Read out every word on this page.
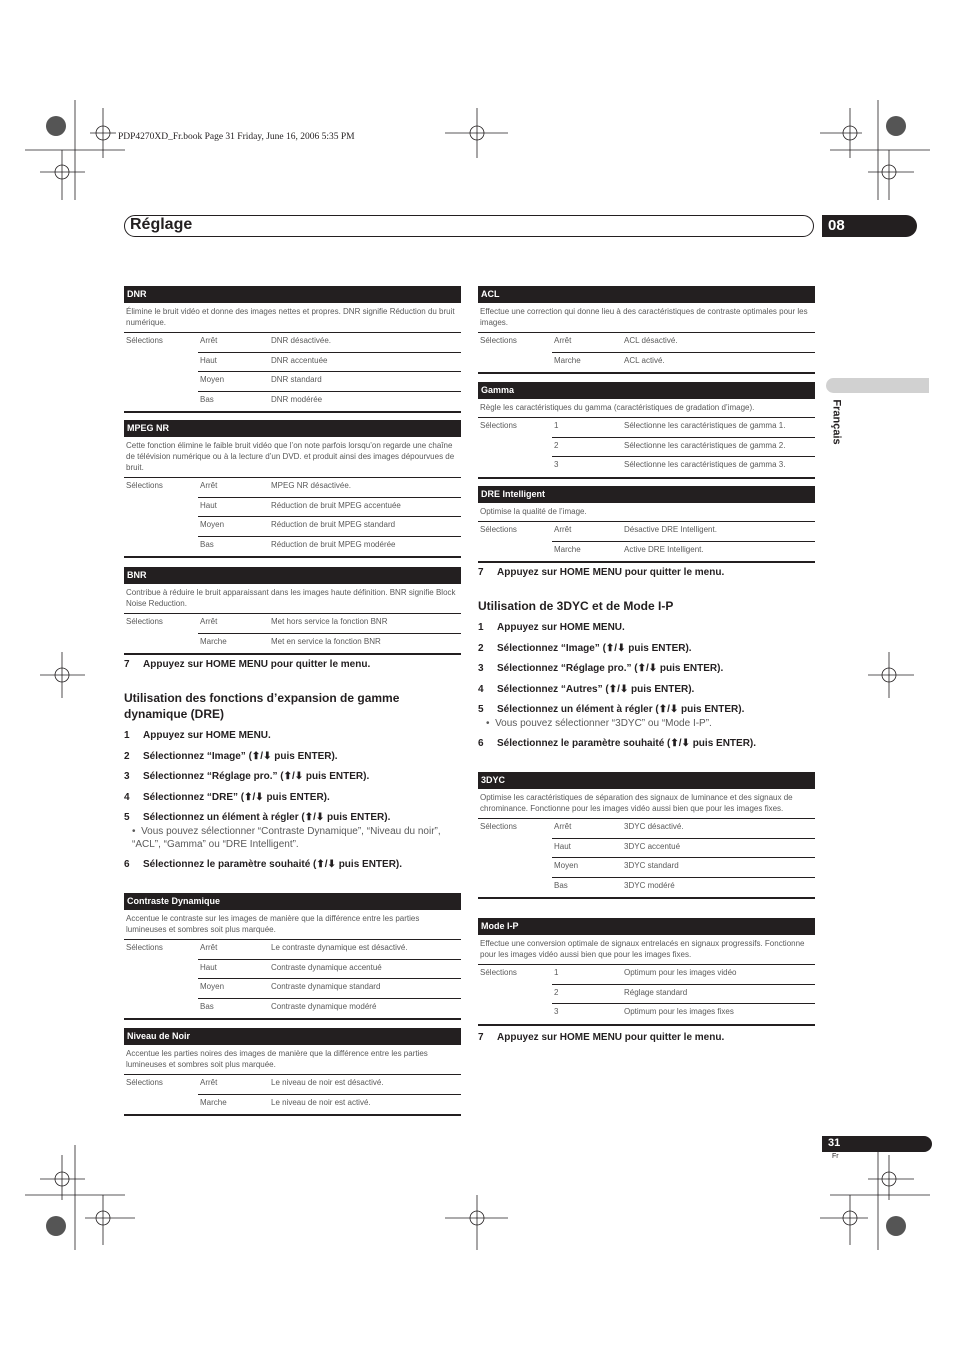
PDP4270XD_Fr.book Page 31 Friday, June 16, 2006 5:35 PM
Réglage	08
Français
31
Fr
DNR
Élimine le bruit vidéo et donne des images nettes et propres. DNR signifie Réduction du bruit numérique.
Sélections	Arrêt	DNR désactivée.
Haut	DNR accentuée
Moyen	DNR standard
Bas	DNR modérée
MPEG NR
Cette fonction élimine le faible bruit vidéo que l’on note parfois lorsqu’on regarde une chaîne de télévision numérique ou à la lecture d’un DVD. et produit ainsi des images dépourvues de bruit.
Sélections	Arrêt	MPEG NR désactivée.
Haut	Réduction de bruit MPEG accentuée
Moyen	Réduction de bruit MPEG standard
Bas	Réduction de bruit MPEG modérée
BNR
Contribue à réduire le bruit apparaissant dans les images haute définition. BNR signifie Block Noise Reduction.
Sélections	Arrêt	Met hors service la fonction BNR
Marche	Met en service la fonction BNR
7 Appuyez sur HOME MENU pour quitter le menu.
Utilisation des fonctions d’expansion de gamme dynamique (DRE)
1 Appuyez sur HOME MENU.
2 Sélectionnez “Image” (⬆/⬇ puis ENTER).
3 Sélectionnez “Réglage pro.” (⬆/⬇ puis ENTER).
4 Sélectionnez “DRE” (⬆/⬇ puis ENTER).
5 Sélectionnez un élément à régler (⬆/⬇ puis ENTER).
•  Vous pouvez sélectionner “Contraste Dynamique”, “Niveau du noir”, “ACL”, “Gamma” ou “DRE Intelligent”.
6 Sélectionnez le paramètre souhaité (⬆/⬇ puis ENTER).
Contraste Dynamique
Accentue le contraste sur les images de manière que la différence entre les parties lumineuses et sombres soit plus marquée.
Sélections	Arrêt	Le contraste dynamique est désactivé.
Haut	Contraste dynamique accentué
Moyen	Contraste dynamique standard
Bas	Contraste dynamique modéré
Niveau de Noir
Accentue les parties noires des images de manière que la différence entre les parties lumineuses et sombres soit plus marquée.
Sélections	Arrêt	Le niveau de noir est désactivé.
Marche	Le niveau de noir est activé.
ACL
Effectue une correction qui donne lieu à des caractéristiques de contraste optimales pour les images.
Sélections	Arrêt	ACL désactivé.
Marche	ACL activé.
Gamma
Règle les caractéristiques du gamma (caractéristiques de gradation d’image).
Sélections	1	Sélectionne les caractéristiques de gamma 1.
2	Sélectionne les caractéristiques de gamma 2.
3	Sélectionne les caractéristiques de gamma 3.
DRE Intelligent
Optimise la qualité de l’image.
Sélections	Arrêt	Désactive DRE Intelligent.
Marche	Active DRE Intelligent.
7 Appuyez sur HOME MENU pour quitter le menu.
Utilisation de 3DYC et de Mode I-P
1 Appuyez sur HOME MENU.
2 Sélectionnez “Image” (⬆/⬇ puis ENTER).
3 Sélectionnez “Réglage pro.” (⬆/⬇ puis ENTER).
4 Sélectionnez “Autres” (⬆/⬇ puis ENTER).
5 Sélectionnez un élément à régler (⬆/⬇ puis ENTER).
•  Vous pouvez sélectionner “3DYC” ou “Mode I-P”.
6 Sélectionnez le paramètre souhaité (⬆/⬇ puis ENTER).
3DYC
Optimise les caractéristiques de séparation des signaux de luminance et des signaux de chrominance. Fonctionne pour les images vidéo aussi bien que pour les images fixes.
Sélections	Arrêt	3DYC désactivé.
Haut	3DYC accentué
Moyen	3DYC standard
Bas	3DYC modéré
Mode I-P
Effectue une conversion optimale de signaux entrelacés en signaux progressifs. Fonctionne pour les images vidéo aussi bien que pour les images fixes.
Sélections	1	Optimum pour les images vidéo
2	Réglage standard
3	Optimum pour les images fixes
7 Appuyez sur HOME MENU pour quitter le menu.
